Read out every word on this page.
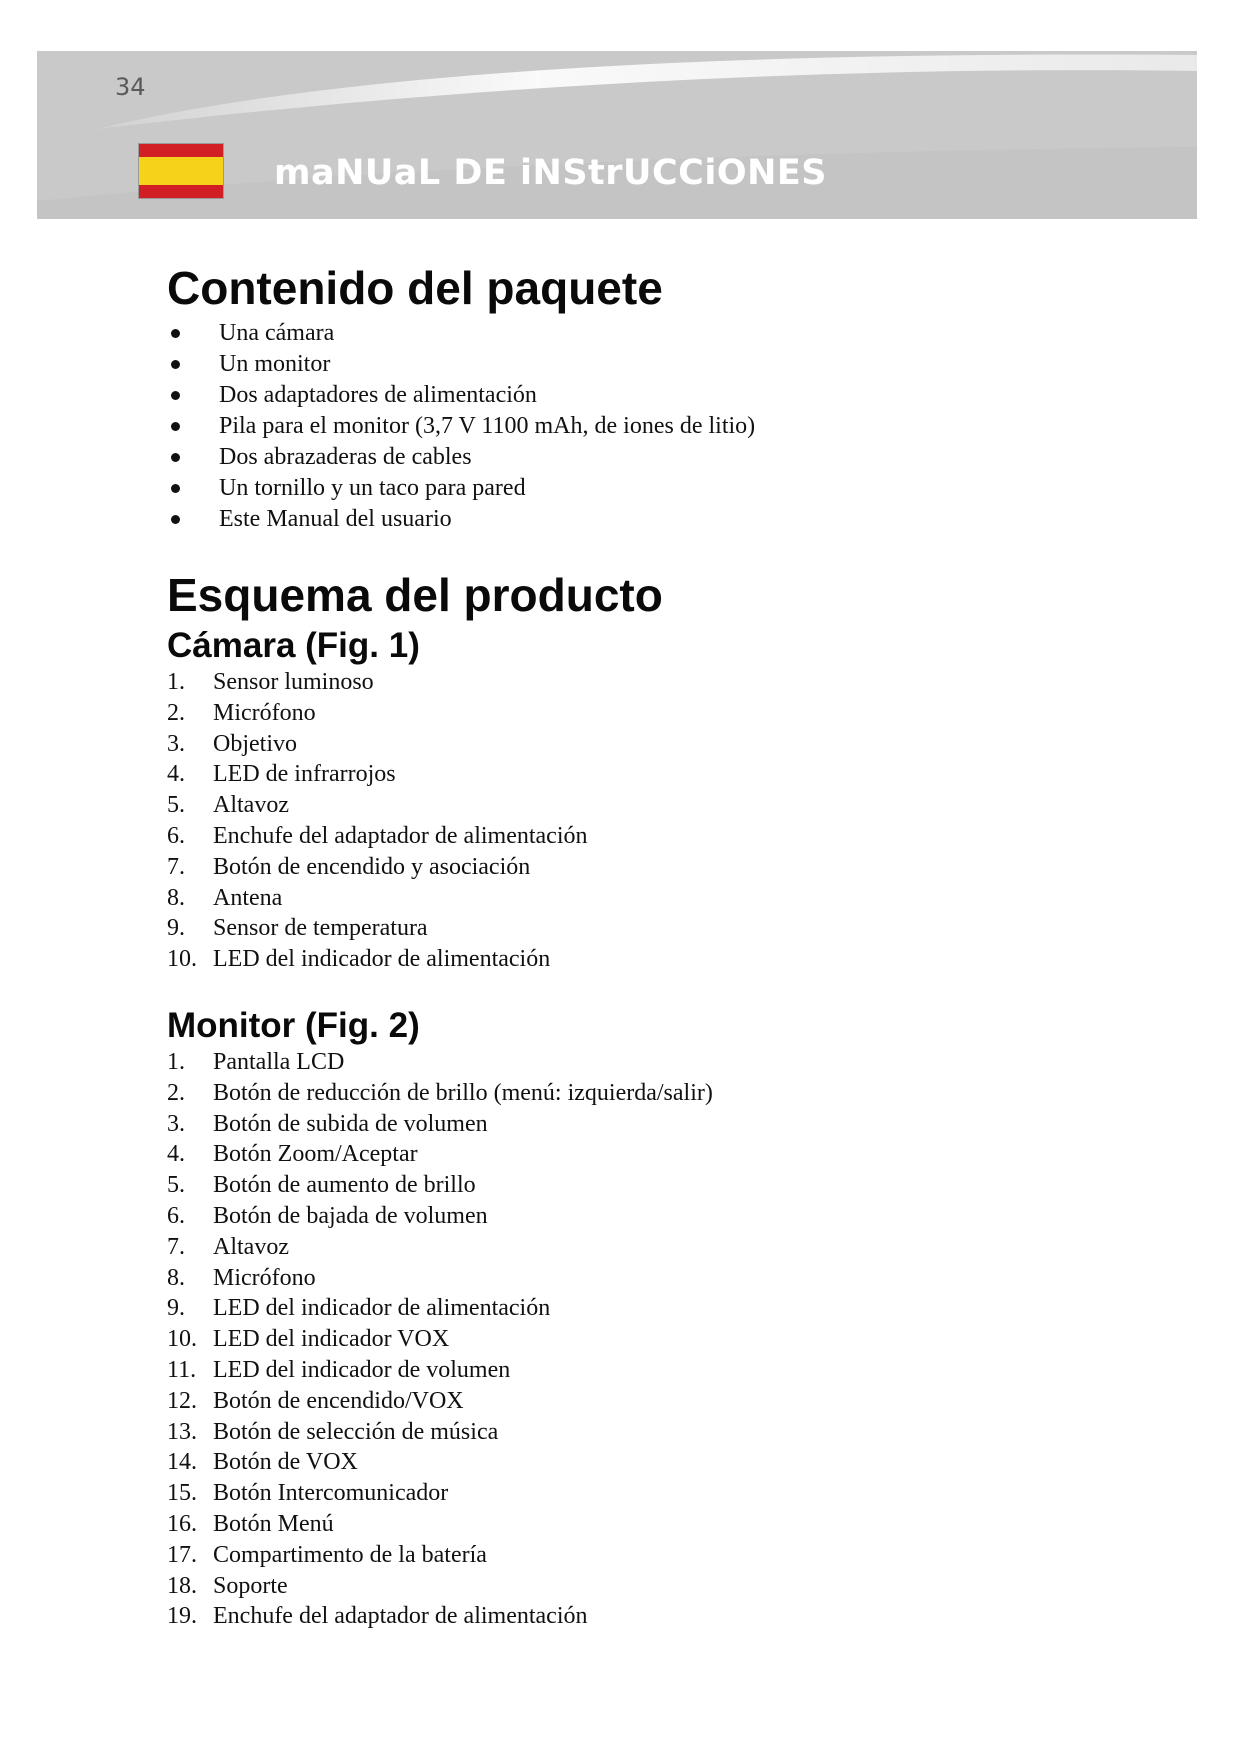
34
maNUaL DE iNStrUCCiONES
Contenido del paquete
Una cámara
Un monitor
Dos adaptadores de alimentación
Pila para el monitor (3,7 V 1100 mAh, de iones de litio)
Dos abrazaderas de cables
Un tornillo y un taco para pared
Este Manual del usuario
Esquema del producto
Cámara (Fig. 1)
1. Sensor luminoso
2. Micrófono
3. Objetivo
4. LED de infrarrojos
5. Altavoz
6. Enchufe del adaptador de alimentación
7. Botón de encendido y asociación
8. Antena
9. Sensor de temperatura
10. LED del indicador de alimentación
Monitor (Fig. 2)
1. Pantalla LCD
2. Botón de reducción de brillo (menú: izquierda/salir)
3. Botón de subida de volumen
4. Botón Zoom/Aceptar
5. Botón de aumento de brillo
6. Botón de bajada de volumen
7. Altavoz
8. Micrófono
9. LED del indicador de alimentación
10. LED del indicador VOX
11. LED del indicador de volumen
12. Botón de encendido/VOX
13. Botón de selección de música
14. Botón de VOX
15. Botón Intercomunicador
16. Botón Menú
17. Compartimento de la batería
18. Soporte
19. Enchufe del adaptador de alimentación
